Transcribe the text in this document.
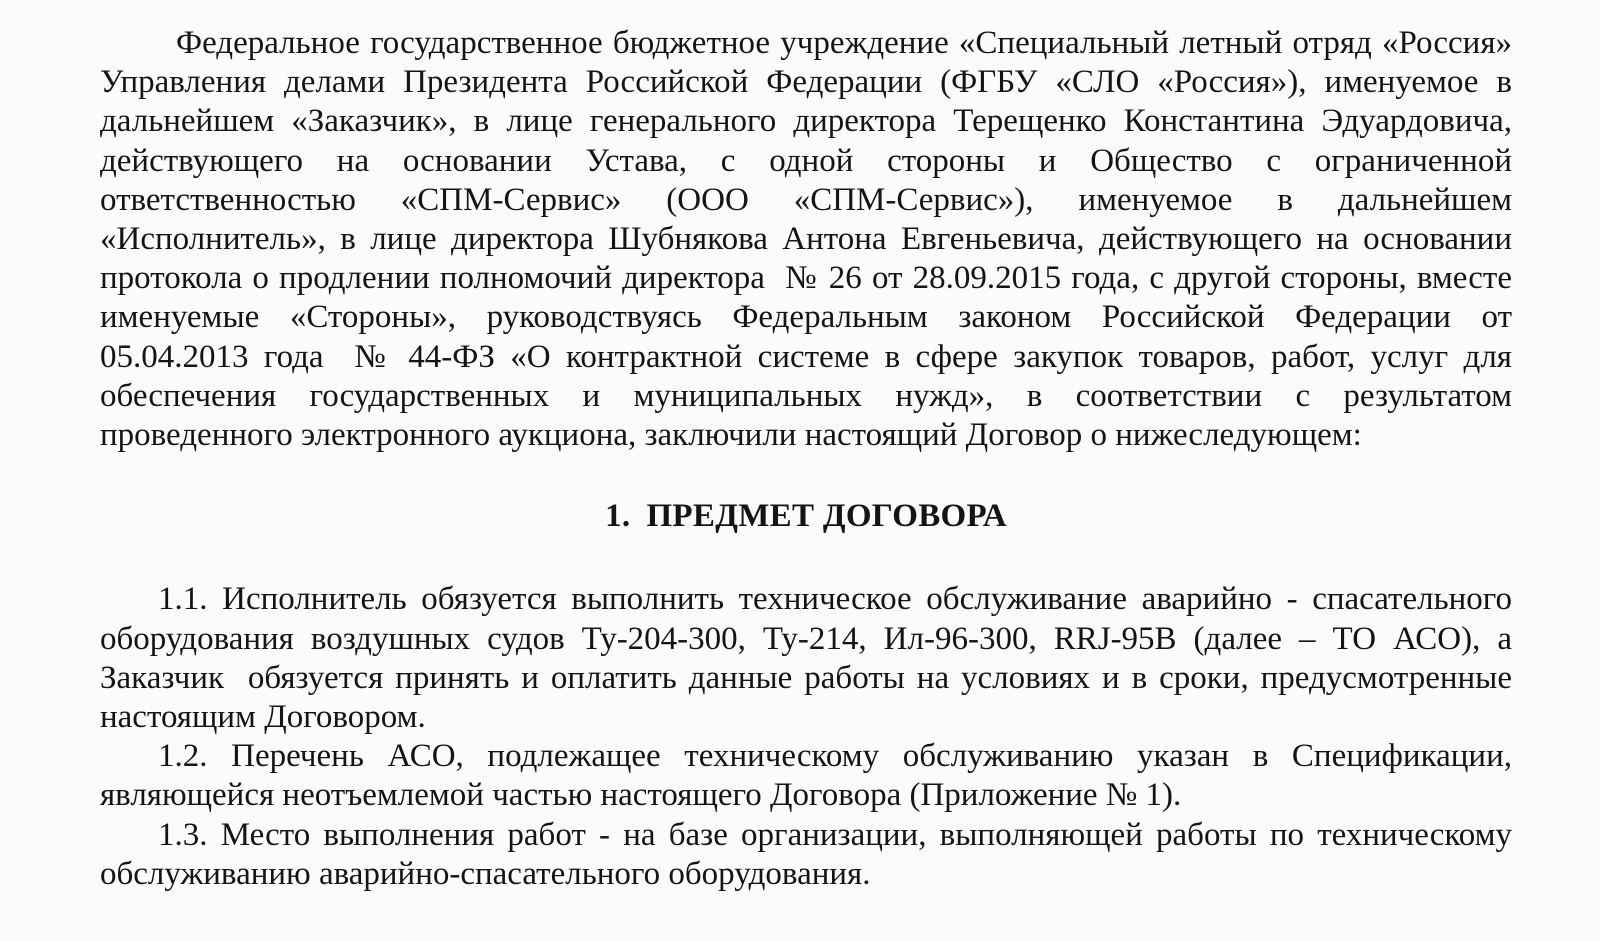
Федеральное государственное бюджетное учреждение «Специальный летный отряд «Россия» Управления делами Президента Российской Федерации (ФГБУ «СЛО «Россия»), именуемое в дальнейшем «Заказчик», в лице генерального директора Терещенко Константина Эдуардовича, действующего на основании Устава, с одной стороны и Общество с ограниченной ответственностью «СПМ-Сервис» (ООО «СПМ-Сервис»), именуемое в дальнейшем «Исполнитель», в лице директора Шубнякова Антона Евгеньевича, действующего на основании протокола о продлении полномочий директора  № 26 от 28.09.2015 года, с другой стороны, вместе именуемые «Стороны», руководствуясь Федеральным законом Российской Федерации от 05.04.2013 года  № 44-ФЗ «О контрактной системе в сфере закупок товаров, работ, услуг для обеспечения государственных и муниципальных нужд», в соответствии с результатом проведенного электронного аукциона, заключили настоящий Договор о нижеследующем:

1. ПРЕДМЕТ ДОГОВОРА

1.1. Исполнитель обязуется выполнить техническое обслуживание аварийно - спасательного оборудования воздушных судов Ту-204-300, Ту-214, Ил-96-300, RRJ-95B (далее – ТО АСО), а Заказчик  обязуется принять и оплатить данные работы на условиях и в сроки, предусмотренные настоящим Договором.

1.2. Перечень АСО, подлежащее техническому обслуживанию указан в Спецификации, являющейся неотъемлемой частью настоящего Договора (Приложение № 1).

1.3. Место выполнения работ - на базе организации, выполняющей работы по техническому обслуживанию аварийно-спасательного оборудования.
